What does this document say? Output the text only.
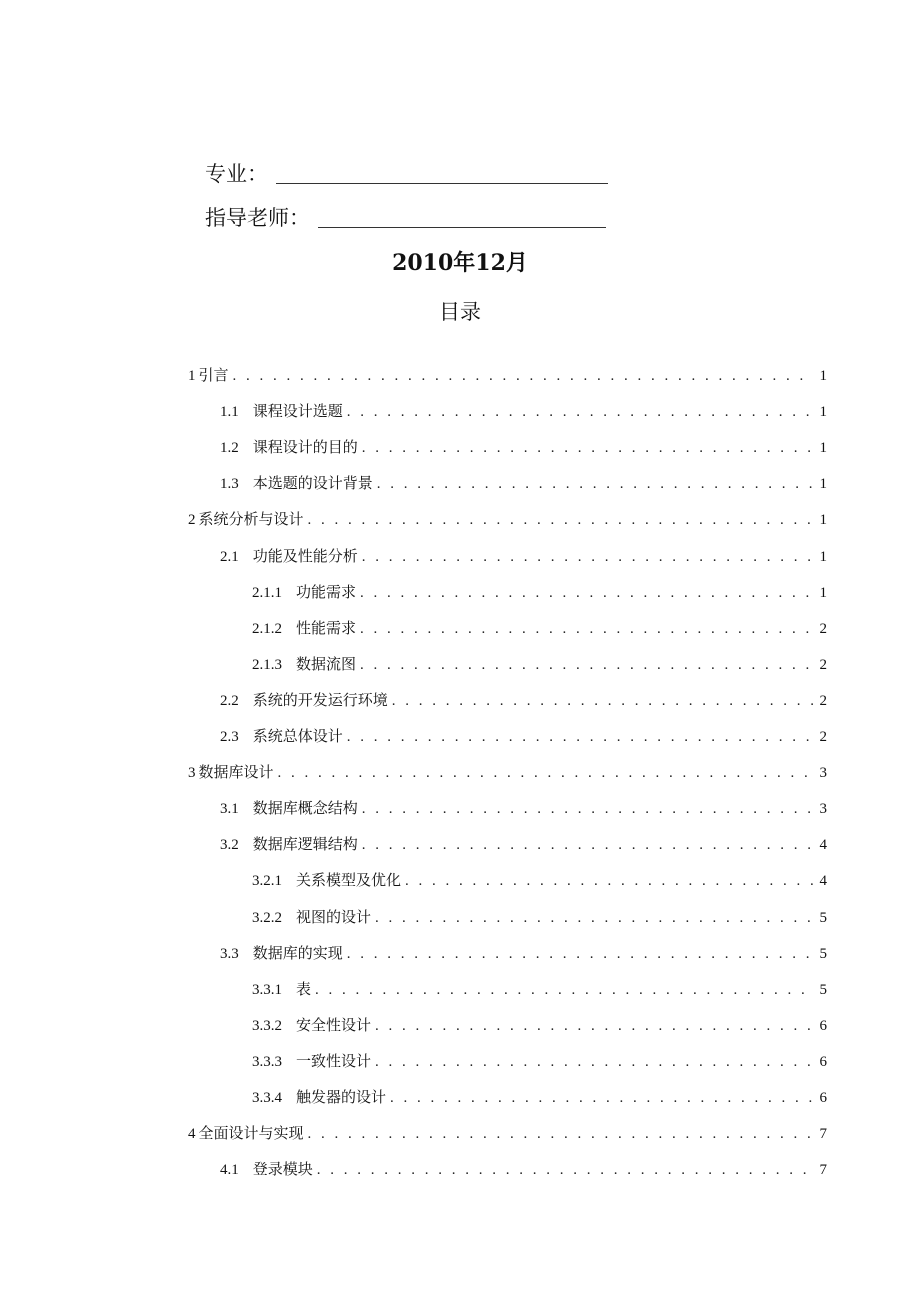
专业：
指导老师：
2010年12月
目录
1 引言 . . .	1
1.1 课程设计选题 . . .	1
1.2 课程设计的目的 . . .	1
1.3 本选题的设计背景 . . .	1
2 系统分析与设计 . . .	1
2.1 功能及性能分析 . . .	1
2.1.1 功能需求 . . .	1
2.1.2 性能需求 . . .	2
2.1.3 数据流图 . . .	2
2.2 系统的开发运行环境 . . .	2
2.3 系统总体设计 . . .	2
3 数据库设计 . . .	3
3.1 数据库概念结构 . . .	3
3.2 数据库逻辑结构 . . .	4
3.2.1 关系模型及优化 . . .	4
3.2.2 视图的设计 . . .	5
3.3 数据库的实现 . . .	5
3.3.1 表 . . .	5
3.3.2 安全性设计 . . .	6
3.3.3 一致性设计 . . .	6
3.3.4 触发器的设计 . . .	6
4 全面设计与实现 . . .	7
4.1 登录模块 . . .	7
